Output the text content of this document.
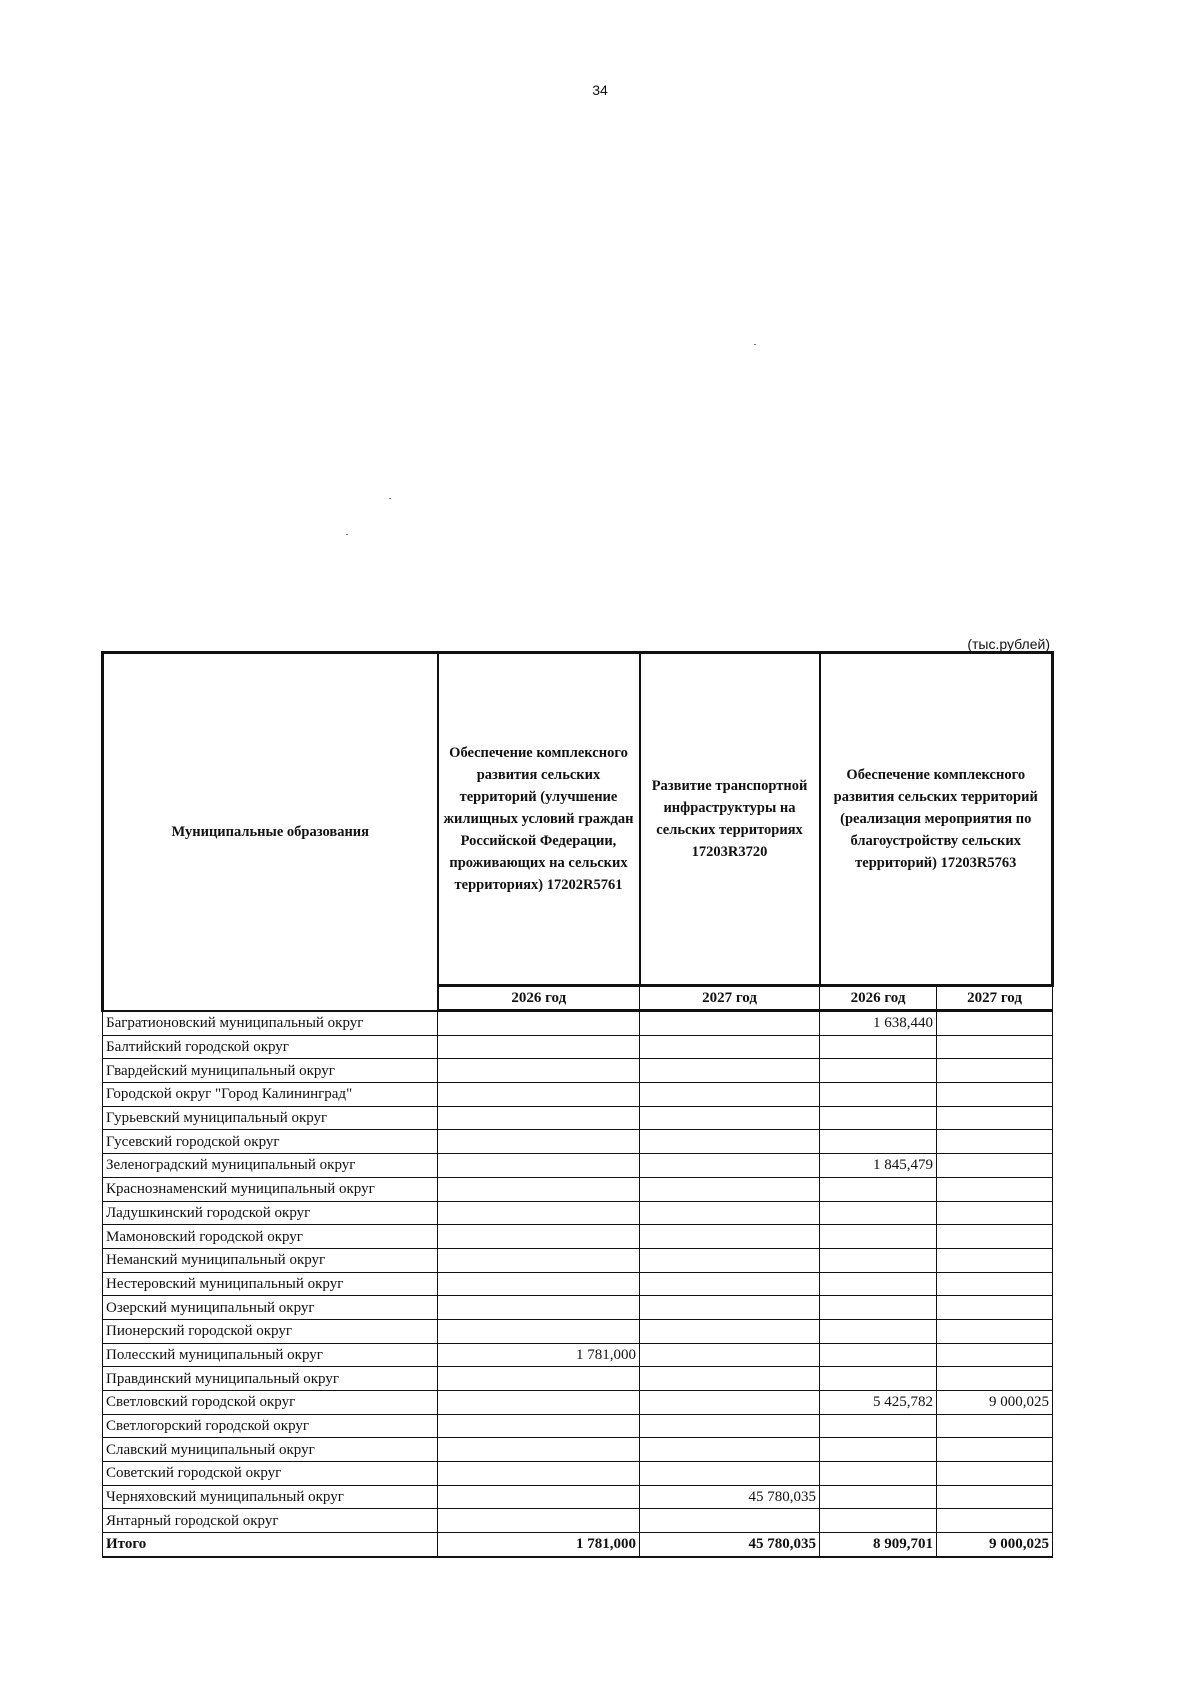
34
(тыс.рублей)
Муниципальные образования	Обеспечение комплексного развития сельских территорий (улучшение жилищных условий граждан Российской Федерации, проживающих на сельских территориях) 17202R5761	Развитие транспортной инфраструктуры на сельских территориях 17203R3720	Обеспечение комплексного развития сельских территорий (реализация мероприятия по благоустройству сельских территорий) 17203R5763	
	2026 год	2027 год	2026 год	2027 год
Багратионовский муниципальный округ			1 638,440	
Балтийский городской округ				
Гвардейский муниципальный округ				
Городской округ "Город Калининград"				
Гурьевский муниципальный округ				
Гусевский городской округ				
Зеленоградский муниципальный округ			1 845,479	
Краснознаменский муниципальный округ				
Ладушкинский городской округ				
Мамоновский городской округ				
Неманский муниципальный округ				
Нестеровский муниципальный округ				
Озерский муниципальный округ				
Пионерский городской округ				
Полесский муниципальный округ	1 781,000			
Правдинский муниципальный округ				
Светловский городской округ			5 425,782	9 000,025
Светлогорский городской округ				
Славский муниципальный округ				
Советский городской округ				
Черняховский муниципальный округ		45 780,035		
Янтарный городской округ				
Итого	1 781,000	45 780,035	8 909,701	9 000,025
